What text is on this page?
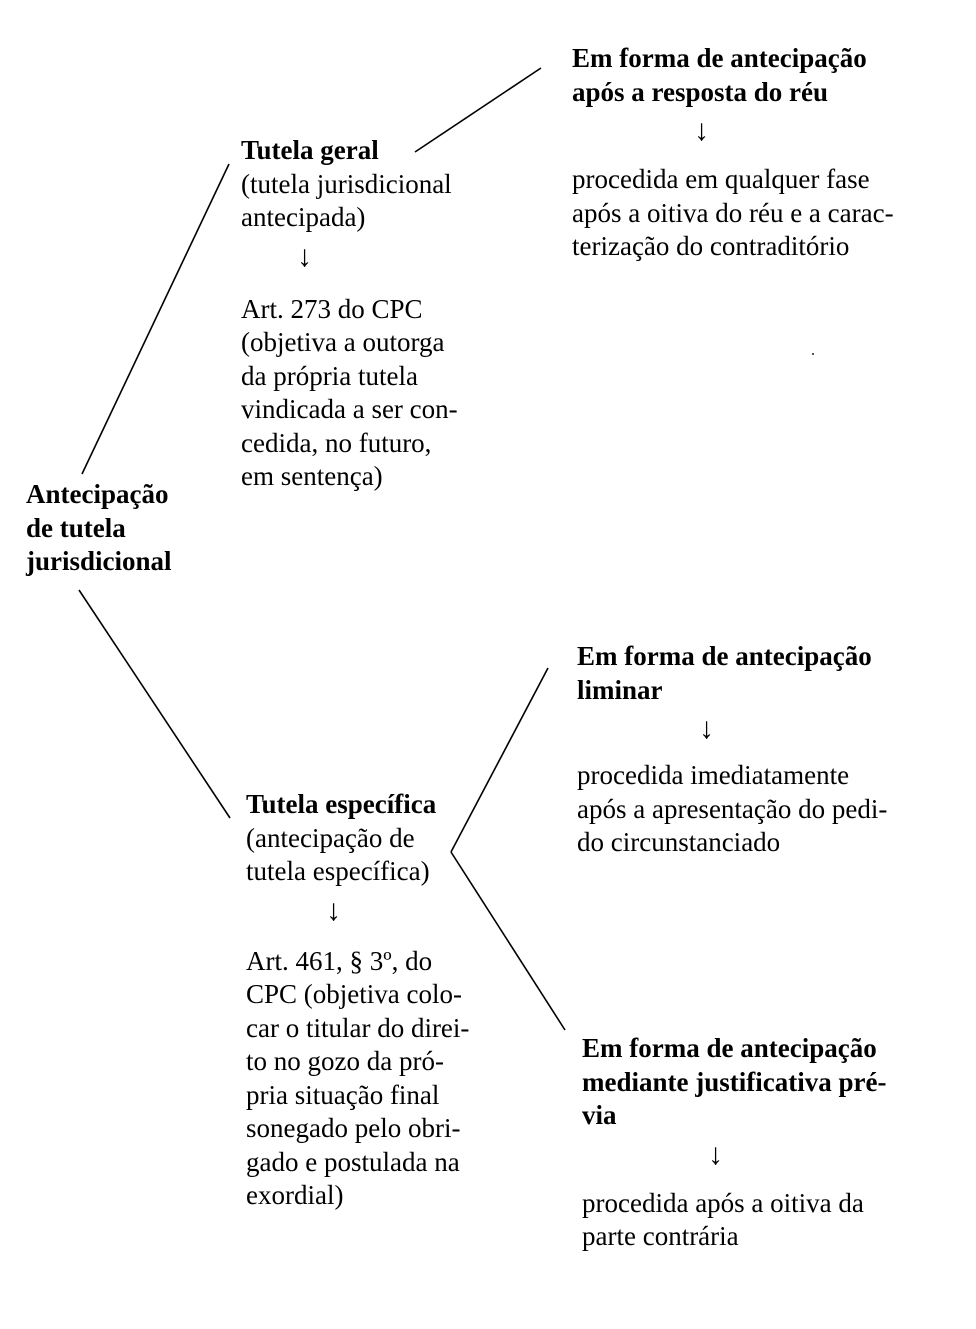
Antecipação

de tutela

jurisdicional

Tutela geral

(tutela jurisdicional

antecipada)

↓

Art. 273 do CPC

(objetiva a outorga

da própria tutela

vindicada a ser con-

cedida, no futuro,

em sentença)

Tutela específica

(antecipação de

tutela específica)

↓

Art. 461, § 3º, do

CPC (objetiva colo-

car o titular do direi-

to no gozo da pró-

pria situação final

sonegado pelo obri-

gado e postulada na

exordial)

Em forma de antecipação

após a resposta do réu

↓

procedida em qualquer fase

após a oitiva do réu e a carac-

terização do contraditório

Em forma de antecipação

liminar

↓

procedida imediatamente

após a apresentação do pedi-

do circunstanciado

Em forma de antecipação

mediante justificativa pré-

via

↓

procedida após a oitiva da

parte contrária
